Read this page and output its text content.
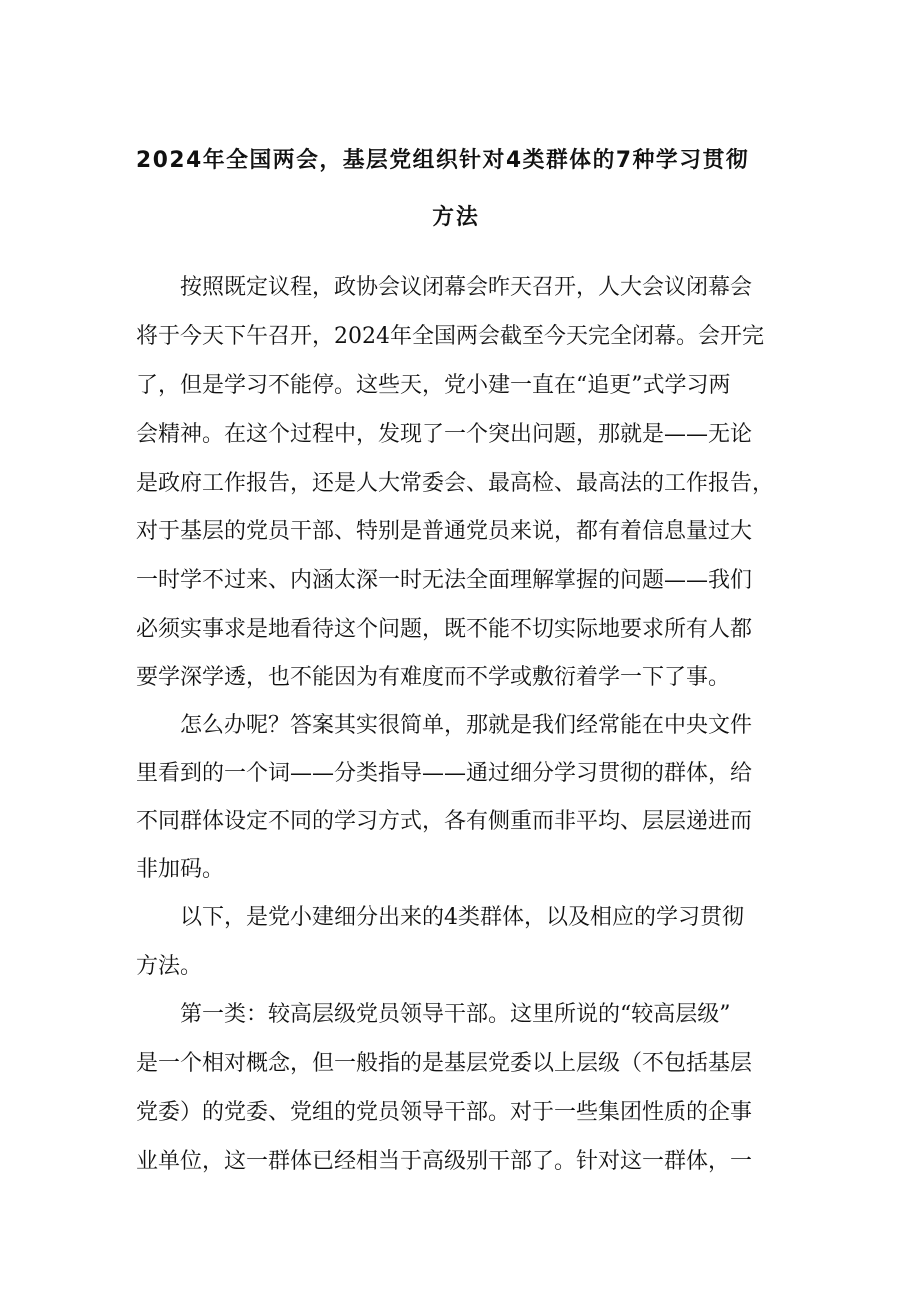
2024年全国两会，基层党组织针对4类群体的7种学习贯彻
方法

　　按照既定议程，政协会议闭幕会昨天召开，人大会议闭幕会

将于今天下午召开，2024年全国两会截至今天完全闭幕。会开完

了，但是学习不能停。这些天，党小建一直在“追更”式学习两

会精神。在这个过程中，发现了一个突出问题，那就是——无论

是政府工作报告，还是人大常委会、最高检、最高法的工作报告，

对于基层的党员干部、特别是普通党员来说，都有着信息量过大

一时学不过来、内涵太深一时无法全面理解掌握的问题——我们

必须实事求是地看待这个问题，既不能不切实际地要求所有人都

要学深学透，也不能因为有难度而不学或敷衍着学一下了事。

　　怎么办呢？答案其实很简单，那就是我们经常能在中央文件

里看到的一个词——分类指导——通过细分学习贯彻的群体，给

不同群体设定不同的学习方式，各有侧重而非平均、层层递进而

非加码。

　　以下，是党小建细分出来的4类群体，以及相应的学习贯彻

方法。

　　第一类：较高层级党员领导干部。这里所说的“较高层级”

是一个相对概念，但一般指的是基层党委以上层级（不包括基层

党委）的党委、党组的党员领导干部。对于一些集团性质的企事

业单位，这一群体已经相当于高级别干部了。针对这一群体，一
